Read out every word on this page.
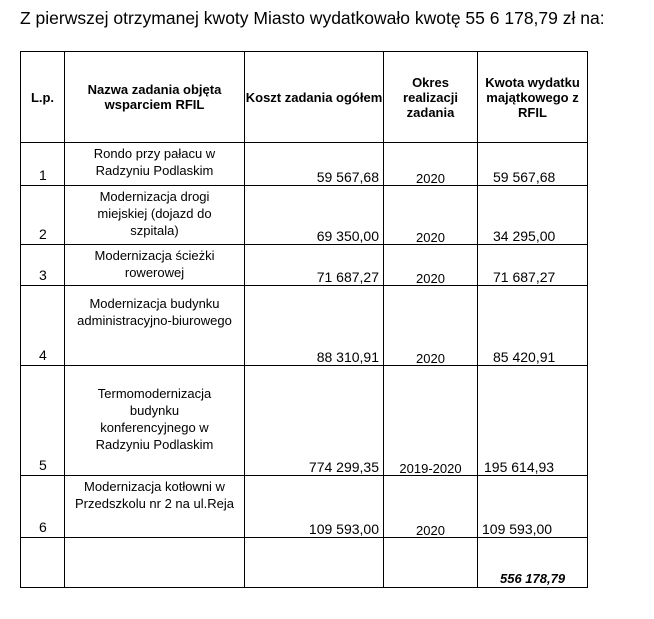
Z pierwszej otrzymanej kwoty Miasto wydatkowało kwotę 55 6 178,79 zł na:
L.p.	Nazwa zadania objęta wsparciem RFIL	Koszt zadania ogółem	Okres realizacji zadania	Kwota wydatku majątkowego z RFIL

1	Rondo przy pałacu w Radzyniu Podlaskim	59 567,68	2020	59 567,68

2	Modernizacja drogi miejskiej (dojazd do szpitala)	69 350,00	2020	34 295,00

3	Modernizacja ścieżki rowerowej	71 687,27	2020	71 687,27

4	Modernizacja budynku administracyjno-biurowego	88 310,91	2020	85 420,91

5	Termomodernizacja budynku konferencyjnego w Radzyniu Podlaskim	774 299,35	2019-2020	195 614,93

6	Modernizacja kotłowni w Przedszkolu nr 2 na ul.Reja	109 593,00	2020	109 593,00

				556 178,79
